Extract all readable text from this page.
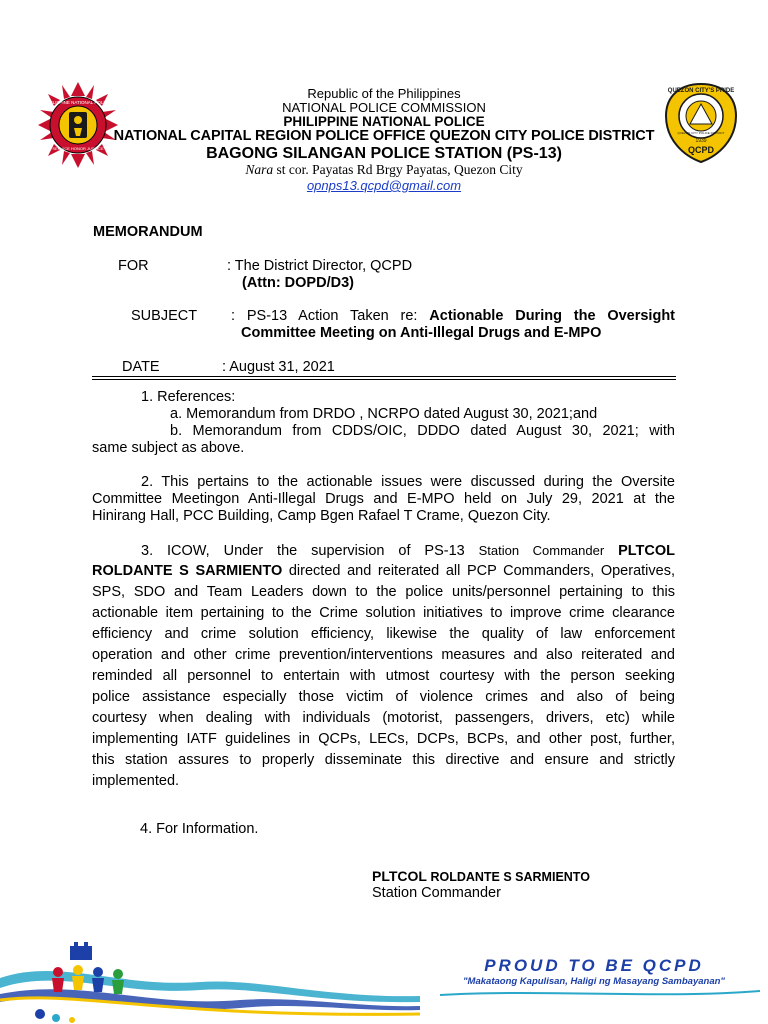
PHILIPPINE NATIONAL POLICE
SERVICE HONOR JUSTICE
QUEZON CITY'S PRIDE
QUEZON CITY POLICE DISTRICT
1939
QCPD
Republic of the Philippines
NATIONAL POLICE COMMISSION
PHILIPPINE NATIONAL POLICE
NATIONAL CAPITAL REGION POLICE OFFICE QUEZON CITY POLICE DISTRICT
BAGONG SILANGAN POLICE STATION (PS-13)
Nara st cor. Payatas Rd Brgy Payatas, Quezon City
opnps13.qcpd@gmail.com
MEMORANDUM
FOR	: The District Director, QCPD
(Attn: DOPD/D3)
SUBJECT : PS-13 Action Taken re: Actionable During the Oversight
Committee Meeting on Anti-Illegal Drugs and E-MPO
DATE	: August 31, 2021
1. References:
a. Memorandum from DRDO , NCRPO dated August 30, 2021;and
b. Memorandum from CDDS/OIC, DDDO dated August 30, 2021; with
same subject as above.
2. This pertains to the actionable issues were discussed during the Oversite
Committee Meetingon Anti-Illegal Drugs and E-MPO held on July 29, 2021 at the
Hinirang Hall, PCC Building, Camp Bgen Rafael T Crame, Quezon City.
3. ICOW, Under the supervision of PS-13 Station Commander PLTCOL
ROLDANTE S SARMIENTO directed and reiterated all PCP Commanders, Operatives,
SPS, SDO and Team Leaders down to the police units/personnel pertaining to this
actionable item pertaining to the Crime solution initiatives to improve crime clearance
efficiency and crime solution efficiency, likewise the quality of law enforcement
operation and other crime prevention/interventions measures and also reiterated and
reminded all personnel to entertain with utmost courtesy with the person seeking
police assistance especially those victim of violence crimes and also of being
courtesy when dealing with individuals (motorist, passengers, drivers, etc) while
implementing IATF guidelines in QCPs, LECs, DCPs, BCPs, and other post, further,
this station assures to properly disseminate this directive and ensure and strictly
implemented.
4. For Information.
PLTCOL ROLDANTE S SARMIENTO
Station Commander
PROUD TO BE QCPD
"Makataong Kapulisan, Haligi ng Masayang Sambayanan"
